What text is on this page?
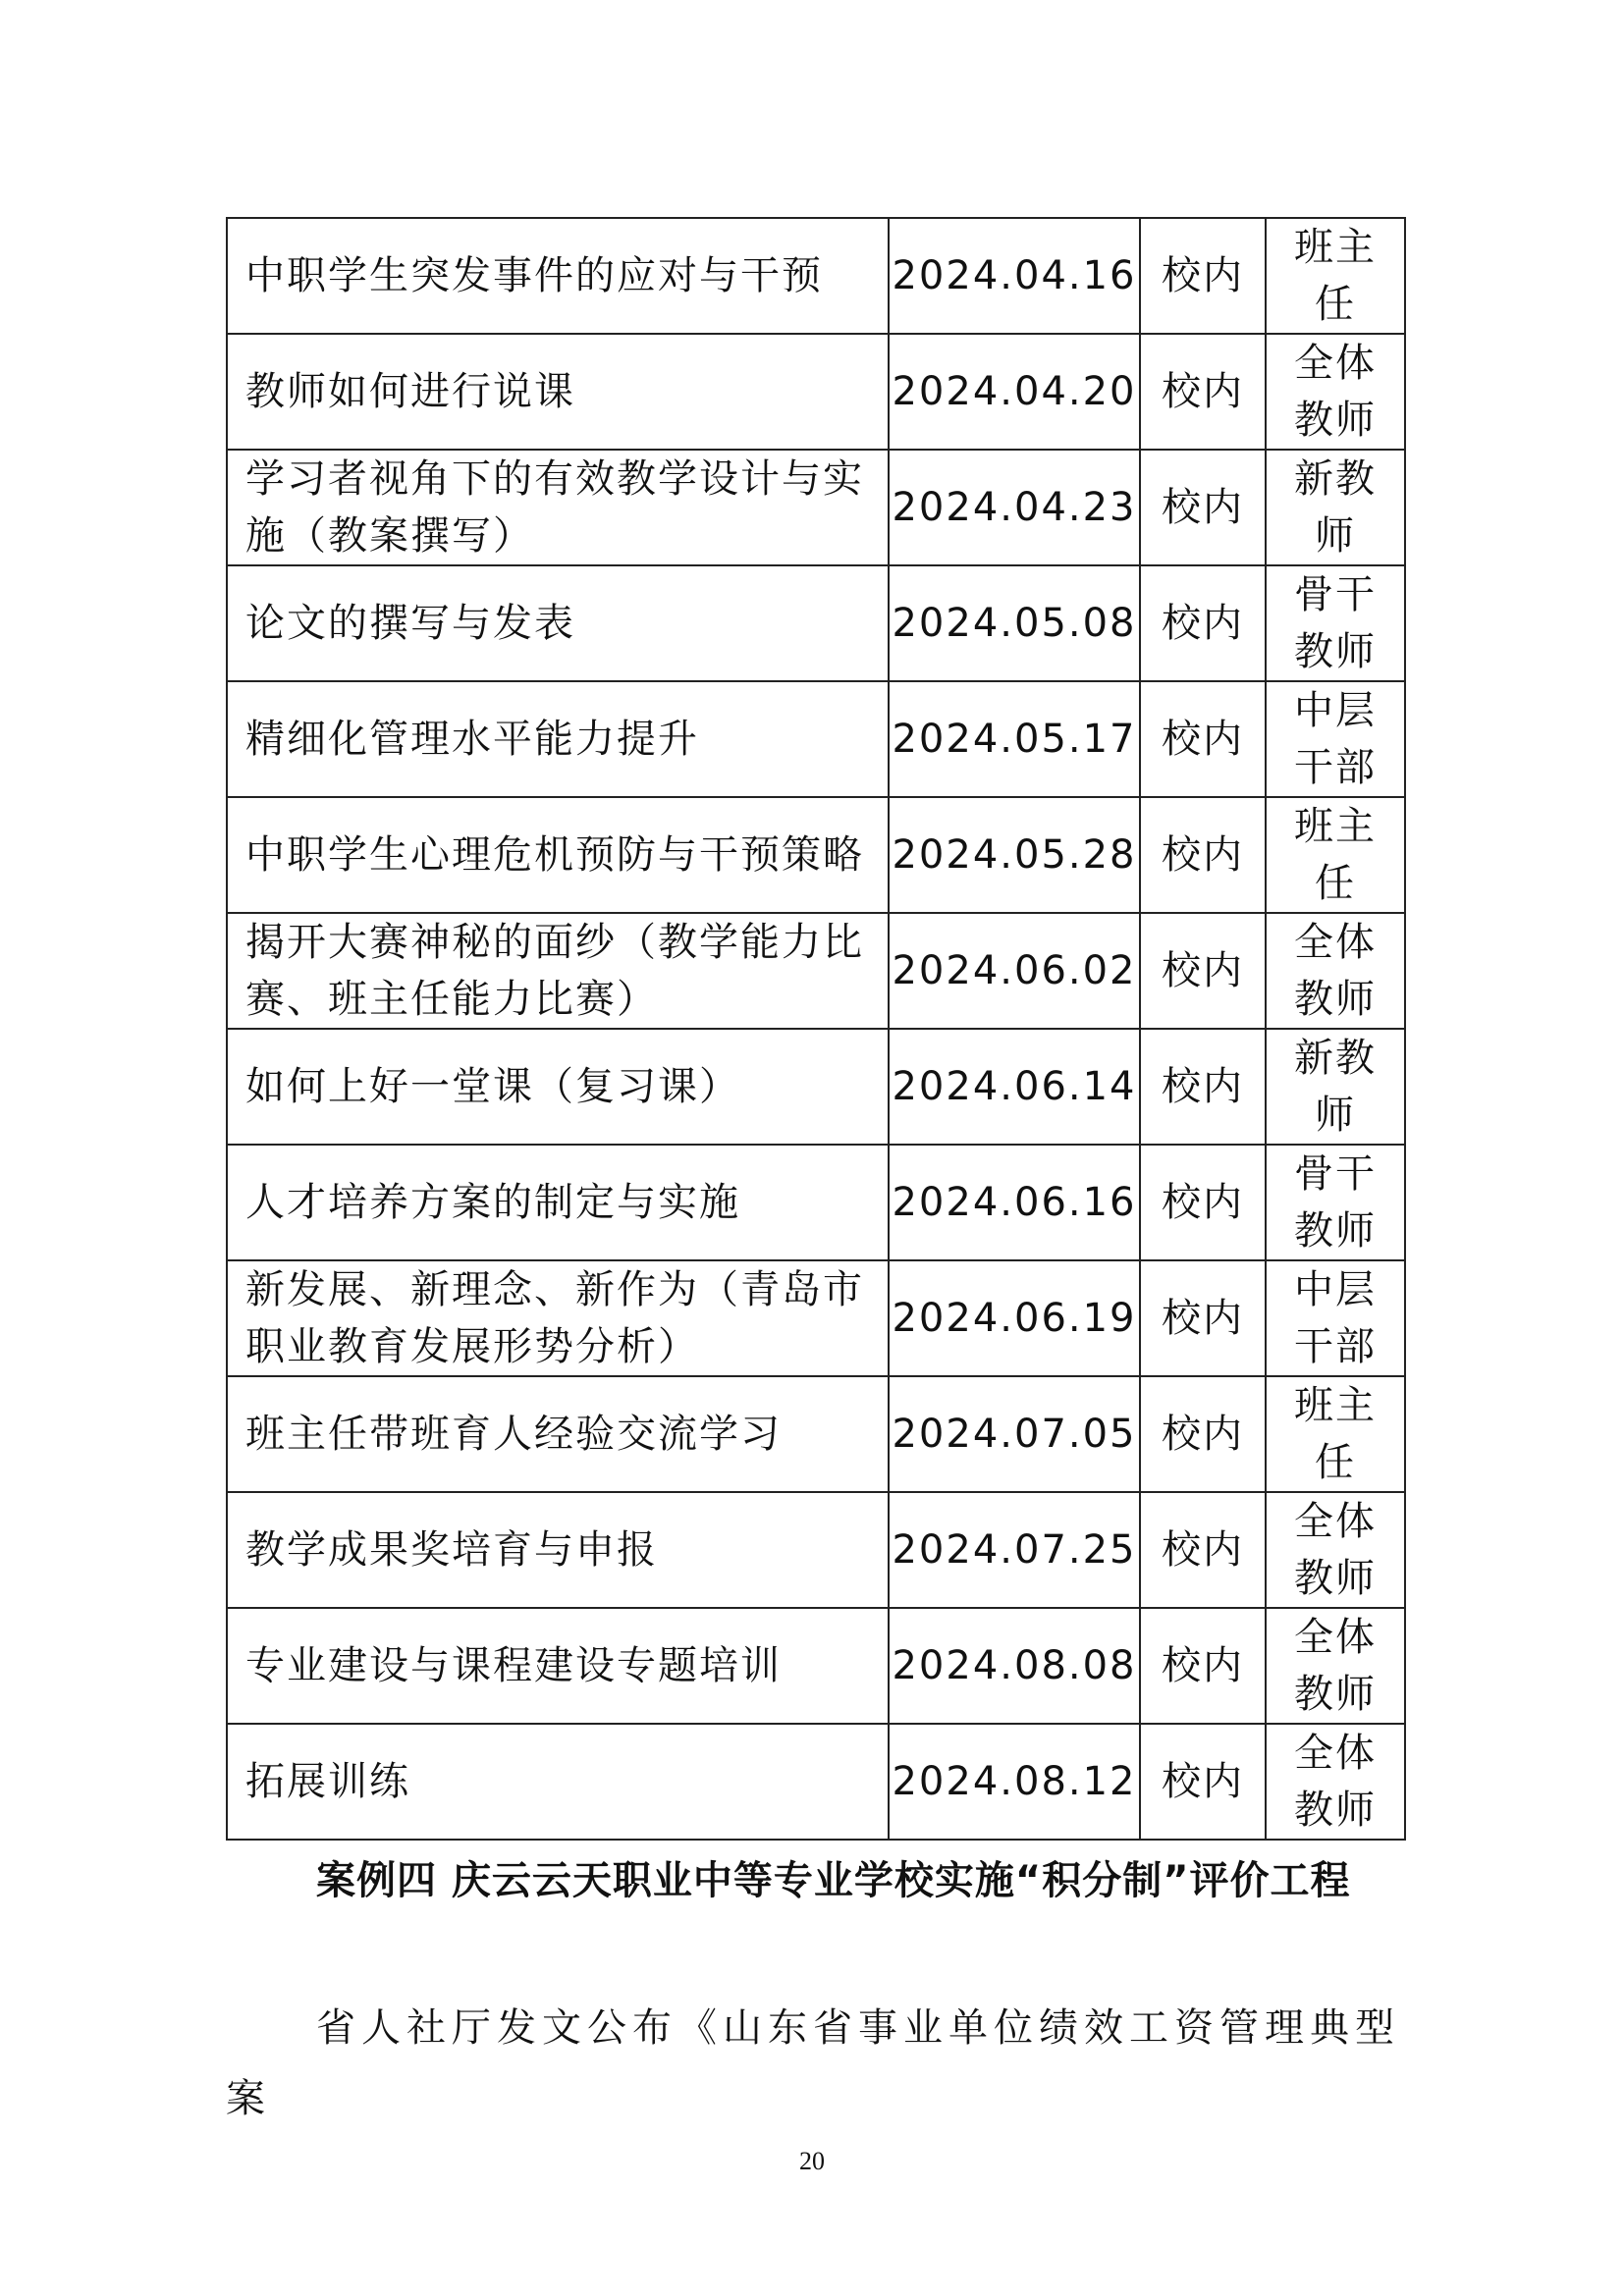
中职学生突发事件的应对与干预	2024.04.16	校内	班主
任

教师如何进行说课	2024.04.20	校内	全体
教师

学习者视角下的有效教学设计与实施（教案撰写）	2024.04.23	校内	新教
师

论文的撰写与发表	2024.05.08	校内	骨干
教师

精细化管理水平能力提升	2024.05.17	校内	中层
干部

中职学生心理危机预防与干预策略	2024.05.28	校内	班主
任

揭开大赛神秘的面纱（教学能力比赛、班主任能力比赛）	2024.06.02	校内	全体
教师

如何上好一堂课（复习课）	2024.06.14	校内	新教
师

人才培养方案的制定与实施	2024.06.16	校内	骨干
教师

新发展、新理念、新作为（青岛市职业教育发展形势分析）	2024.06.19	校内	中层
干部

班主任带班育人经验交流学习	2024.07.05	校内	班主
任

教学成果奖培育与申报	2024.07.25	校内	全体
教师

专业建设与课程建设专题培训	2024.08.08	校内	全体
教师

拓展训练	2024.08.12	校内	全体
教师

案例四 庆云云天职业中等专业学校实施“积分制”评价工程

省人社厅发文公布《山东省事业单位绩效工资管理典型案

20
